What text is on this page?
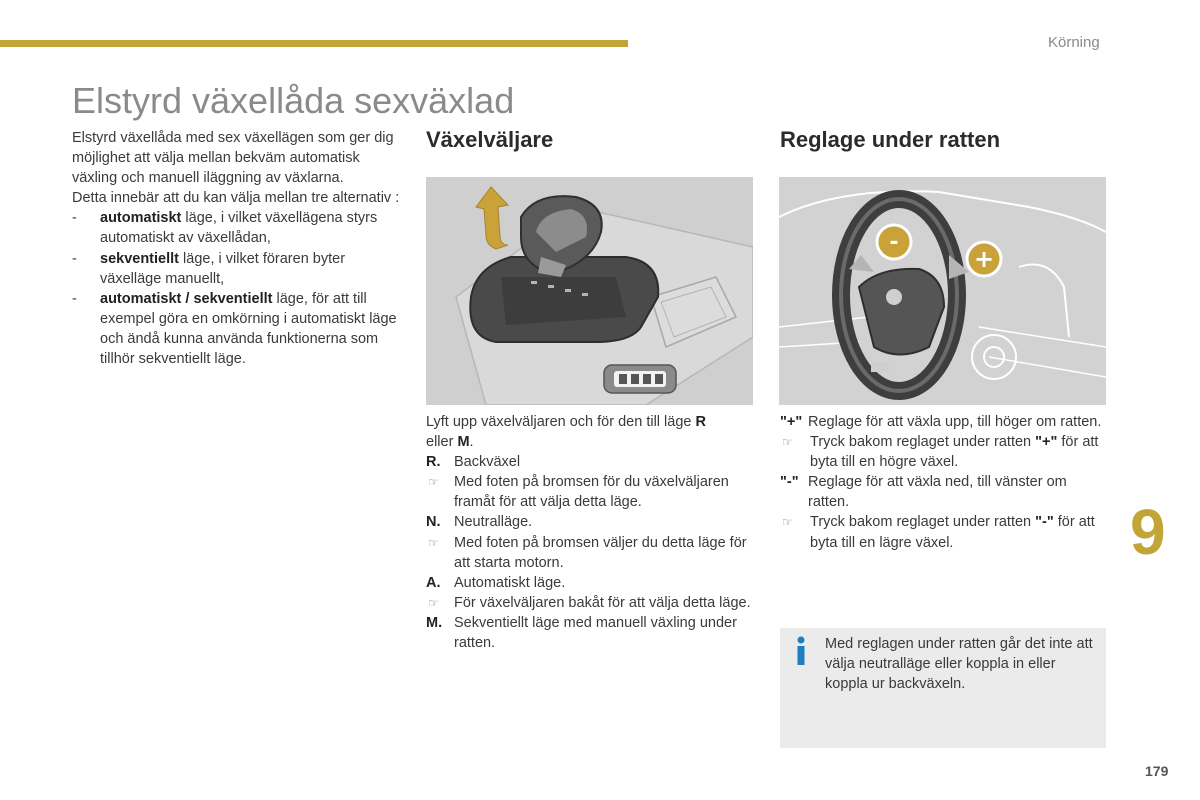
Körning
Elstyrd växellåda sexväxlad

Elstyrd växellåda med sex växellägen som ger dig möjlighet att välja mellan bekväm automatisk växling och manuell iläggning av växlarna.

Detta innebär att du kan välja mellan tre alternativ :

- automatiskt läge, i vilket växellägena styrs automatiskt av växellådan,
- sekventiellt läge, i vilket föraren byter växelläge manuellt,
- automatiskt / sekventiellt läge, för att till exempel göra en omkörning i automatiskt läge och ändå kunna använda funktionerna som tillhör sekventiellt läge.
Växelväljare	Reglage under ratten
-
+

Lyft upp växelväljaren och för den till läge R
eller M.

R. Backväxel
☞	Med foten på bromsen för du växelväljaren framåt för att välja detta läge.
N. Neutralläge.
☞	Med foten på bromsen väljer du detta läge för att starta motorn.
A. Automatiskt läge.
☞	För växelväljaren bakåt för att välja detta läge.
M. Sekventiellt läge med manuell växling under ratten.
"+" Reglage för att växla upp, till höger om ratten.
☞	Tryck bakom reglaget under ratten "+" för att byta till en högre växel.
"-" Reglage för att växla ned, till vänster om ratten.
☞	Tryck bakom reglaget under ratten "-" för att byta till en lägre växel.
Med reglagen under ratten går det inte att välja neutralläge eller koppla in eller koppla ur backväxeln.
9
179
